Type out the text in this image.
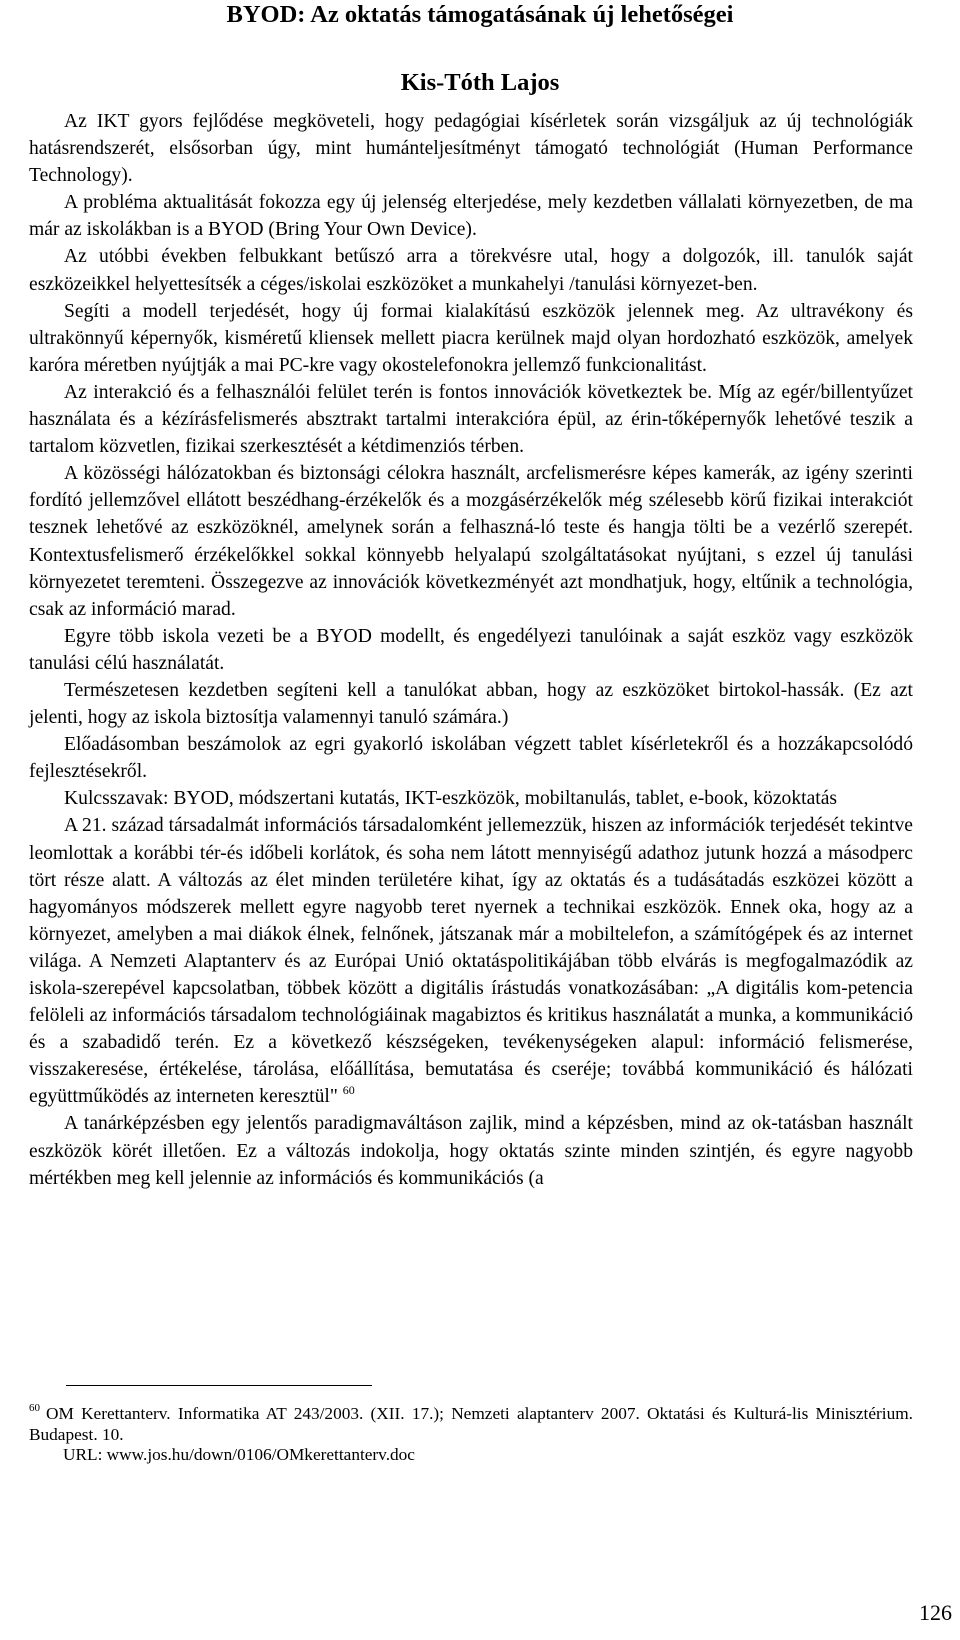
BYOD: Az oktatás támogatásának új lehetőségei
Kis-Tóth Lajos

Az IKT gyors fejlődése megköveteli, hogy pedagógiai kísérletek során vizsgáljuk az új technológiák hatásrendszerét, elsősorban úgy, mint humánteljesítményt támogató technológiát (Human Performance Technology).

A probléma aktualitását fokozza egy új jelenség elterjedése, mely kezdetben vállalati környezetben, de ma már az iskolákban is a BYOD (Bring Your Own Device).

Az utóbbi években felbukkant betűszó arra a törekvésre utal, hogy a dolgozók, ill. tanulók saját eszközeikkel helyettesítsék a céges/iskolai eszközöket a munkahelyi /tanulási környezet-ben.

Segíti a modell terjedését, hogy új formai kialakítású eszközök jelennek meg. Az ultravékony és ultrakönnyű képernyők, kisméretű kliensek mellett piacra kerülnek majd olyan hordozható eszközök, amelyek karóra méretben nyújtják a mai PC-kre vagy okostelefonokra jellemző funkcionalitást.

Az interakció és a felhasználói felület terén is fontos innovációk következtek be. Míg az egér/billentyűzet használata és a kézírásfelismerés absztrakt tartalmi interakcióra épül, az érin-tőképernyők lehetővé teszik a tartalom közvetlen, fizikai szerkesztését a kétdimenziós térben.

A közösségi hálózatokban és biztonsági célokra használt, arcfelismerésre képes kamerák, az igény szerinti fordító jellemzővel ellátott beszédhang-érzékelők és a mozgásérzékelők még szélesebb körű fizikai interakciót tesznek lehetővé az eszközöknél, amelynek során a felhaszná-ló teste és hangja tölti be a vezérlő szerepét. Kontextusfelismerő érzékelőkkel sokkal könnyebb helyalapú szolgáltatásokat nyújtani, s ezzel új tanulási környezetet teremteni. Összegezve az innovációk következményét azt mondhatjuk, hogy, eltűnik a technológia, csak az információ marad.

Egyre több iskola vezeti be a BYOD modellt, és engedélyezi tanulóinak a saját eszköz vagy eszközök tanulási célú használatát.

Természetesen kezdetben segíteni kell a tanulókat abban, hogy az eszközöket birtokol-hassák. (Ez azt jelenti, hogy az iskola biztosítja valamennyi tanuló számára.)

Előadásomban beszámolok az egri gyakorló iskolában végzett tablet kísérletekről és a hozzákapcsolódó fejlesztésekről.

Kulcsszavak: BYOD, módszertani kutatás, IKT-eszközök, mobiltanulás, tablet, e-book, közoktatás

A 21. század társadalmát információs társadalomként jellemezzük, hiszen az információk terjedését tekintve leomlottak a korábbi tér-és időbeli korlátok, és soha nem látott mennyiségű adathoz jutunk hozzá a másodperc tört része alatt. A változás az élet minden területére kihat, így az oktatás és a tudásátadás eszközei között a hagyományos módszerek mellett egyre nagyobb teret nyernek a technikai eszközök. Ennek oka, hogy az a környezet, amelyben a mai diákok élnek, felnőnek, játszanak már a mobiltelefon, a számítógépek és az internet világa. A Nemzeti Alaptanterv és az Európai Unió oktatáspolitikájában több elvárás is megfogalmazódik az iskola-szerepével kapcsolatban, többek között a digitális írástudás vonatkozásában: „A digitális kom-petencia felöleli az információs társadalom technológiáinak magabiztos és kritikus használatát a munka, a kommunikáció és a szabadidő terén. Ez a következő készségeken, tevékenységeken alapul: információ felismerése, visszakeresése, értékelése, tárolása, előállítása, bemutatása és cseréje; továbbá kommunikáció és hálózati együttműködés az interneten keresztül" $^{60}$

A tanárképzésben egy jelentős paradigmaváltáson zajlik, mind a képzésben, mind az ok-tatásban használt eszközök körét illetően. Ez a változás indokolja, hogy oktatás szinte minden szintjén, és egyre nagyobb mértékben meg kell jelennie az információs és kommunikációs (a

$^{60}$ OM Kerettanterv. Informatika AT 243/2003. (XII. 17.); Nemzeti alaptanterv 2007. Oktatási és Kulturá-lis Minisztérium. Budapest. 10.

URL: www.jos.hu/down/0106/OMkerettanterv.doc

126
